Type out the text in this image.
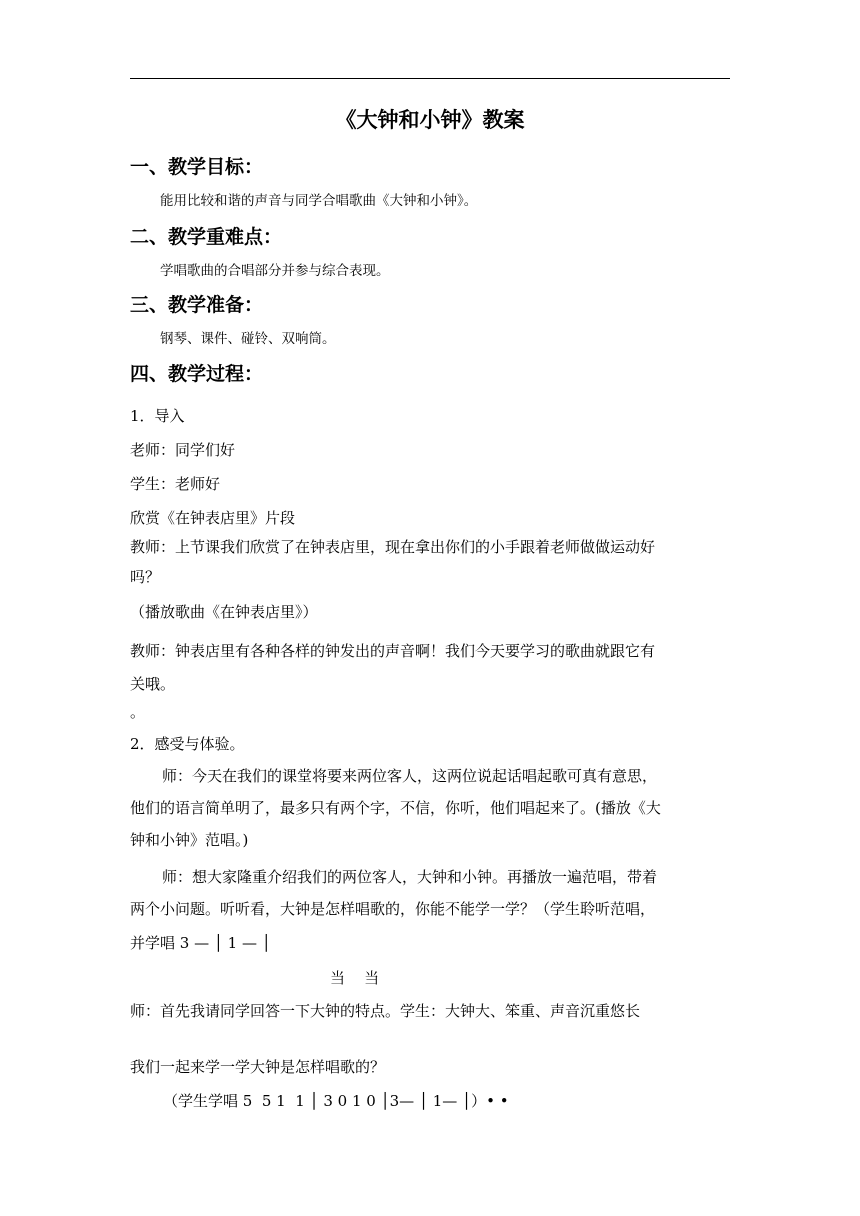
《大钟和小钟》教案
一、教学目标：
能用比较和谐的声音与同学合唱歌曲《大钟和小钟》。
二、教学重难点：
学唱歌曲的合唱部分并参与综合表现。
三、教学准备：
钢琴、课件、碰铃、双响筒。
四、教学过程：
1．导入
老师：同学们好
学生：老师好
欣赏《在钟表店里》片段
教师：上节课我们欣赏了在钟表店里，现在拿出你们的小手跟着老师做做运动好
吗？
（播放歌曲《在钟表店里》）
教师：钟表店里有各种各样的钟发出的声音啊！我们今天要学习的歌曲就跟它有
关哦。
。
2．感受与体验。
师：今天在我们的课堂将要来两位客人，这两位说起话唱起歌可真有意思，
他们的语言简单明了，最多只有两个字，不信，你听，他们唱起来了。(播放《大
钟和小钟》范唱。)
师：想大家隆重介绍我们的两位客人，大钟和小钟。再播放一遍范唱，带着
两个小问题。听听看，大钟是怎样唱歌的，你能不能学一学？（学生聆听范唱，
并学唱 3 — │ 1 — │
当    当
师：首先我请同学回答一下大钟的特点。学生：大钟大、笨重、声音沉重悠长
我们一起来学一学大钟是怎样唱歌的？
（学生学唱 5  5 1  1 │ 3 0 1 0 │3— │ 1— │）• •
